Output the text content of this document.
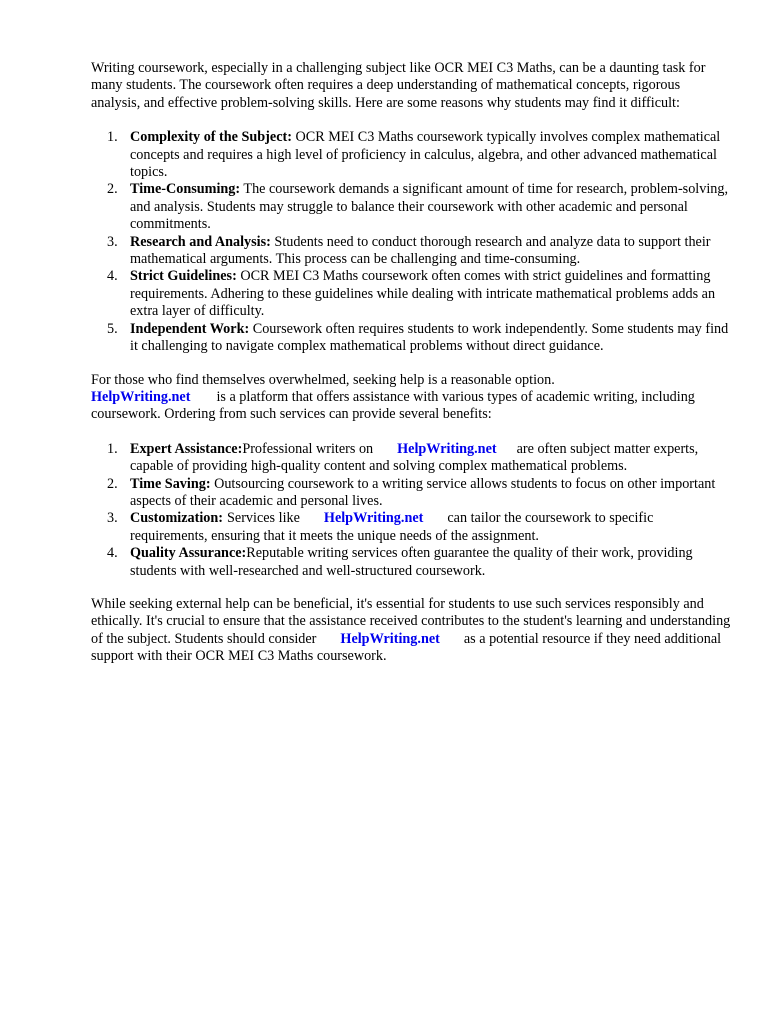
Writing coursework, especially in a challenging subject like OCR MEI C3 Maths, can be a daunting task for many students. The coursework often requires a deep understanding of mathematical concepts, rigorous analysis, and effective problem-solving skills. Here are some reasons why students may find it difficult:

1. Complexity of the Subject: OCR MEI C3 Maths coursework typically involves complex mathematical concepts and requires a high level of proficiency in calculus, algebra, and other advanced mathematical topics.
2. Time-Consuming: The coursework demands a significant amount of time for research, problem-solving, and analysis. Students may struggle to balance their coursework with other academic and personal commitments.
3. Research and Analysis: Students need to conduct thorough research and analyze data to support their mathematical arguments. This process can be challenging and time-consuming.
4. Strict Guidelines: OCR MEI C3 Maths coursework often comes with strict guidelines and formatting requirements. Adhering to these guidelines while dealing with intricate mathematical problems adds an extra layer of difficulty.
5. Independent Work: Coursework often requires students to work independently. Some students may find it challenging to navigate complex mathematical problems without direct guidance.

For those who find themselves overwhelmed, seeking help is a reasonable option.
HelpWriting.net is a platform that offers assistance with various types of academic writing, including coursework. Ordering from such services can provide several benefits:

1. Expert Assistance:Professional writers on HelpWriting.net are often subject matter experts, capable of providing high-quality content and solving complex mathematical problems.
2. Time Saving: Outsourcing coursework to a writing service allows students to focus on other important aspects of their academic and personal lives.
3. Customization: Services like HelpWriting.net can tailor the coursework to specific requirements, ensuring that it meets the unique needs of the assignment.
4. Quality Assurance:Reputable writing services often guarantee the quality of their work, providing students with well-researched and well-structured coursework.

While seeking external help can be beneficial, it's essential for students to use such services responsibly and ethically. It's crucial to ensure that the assistance received contributes to the student's learning and understanding of the subject. Students should consider HelpWriting.net as a potential resource if they need additional support with their OCR MEI C3 Maths coursework.
